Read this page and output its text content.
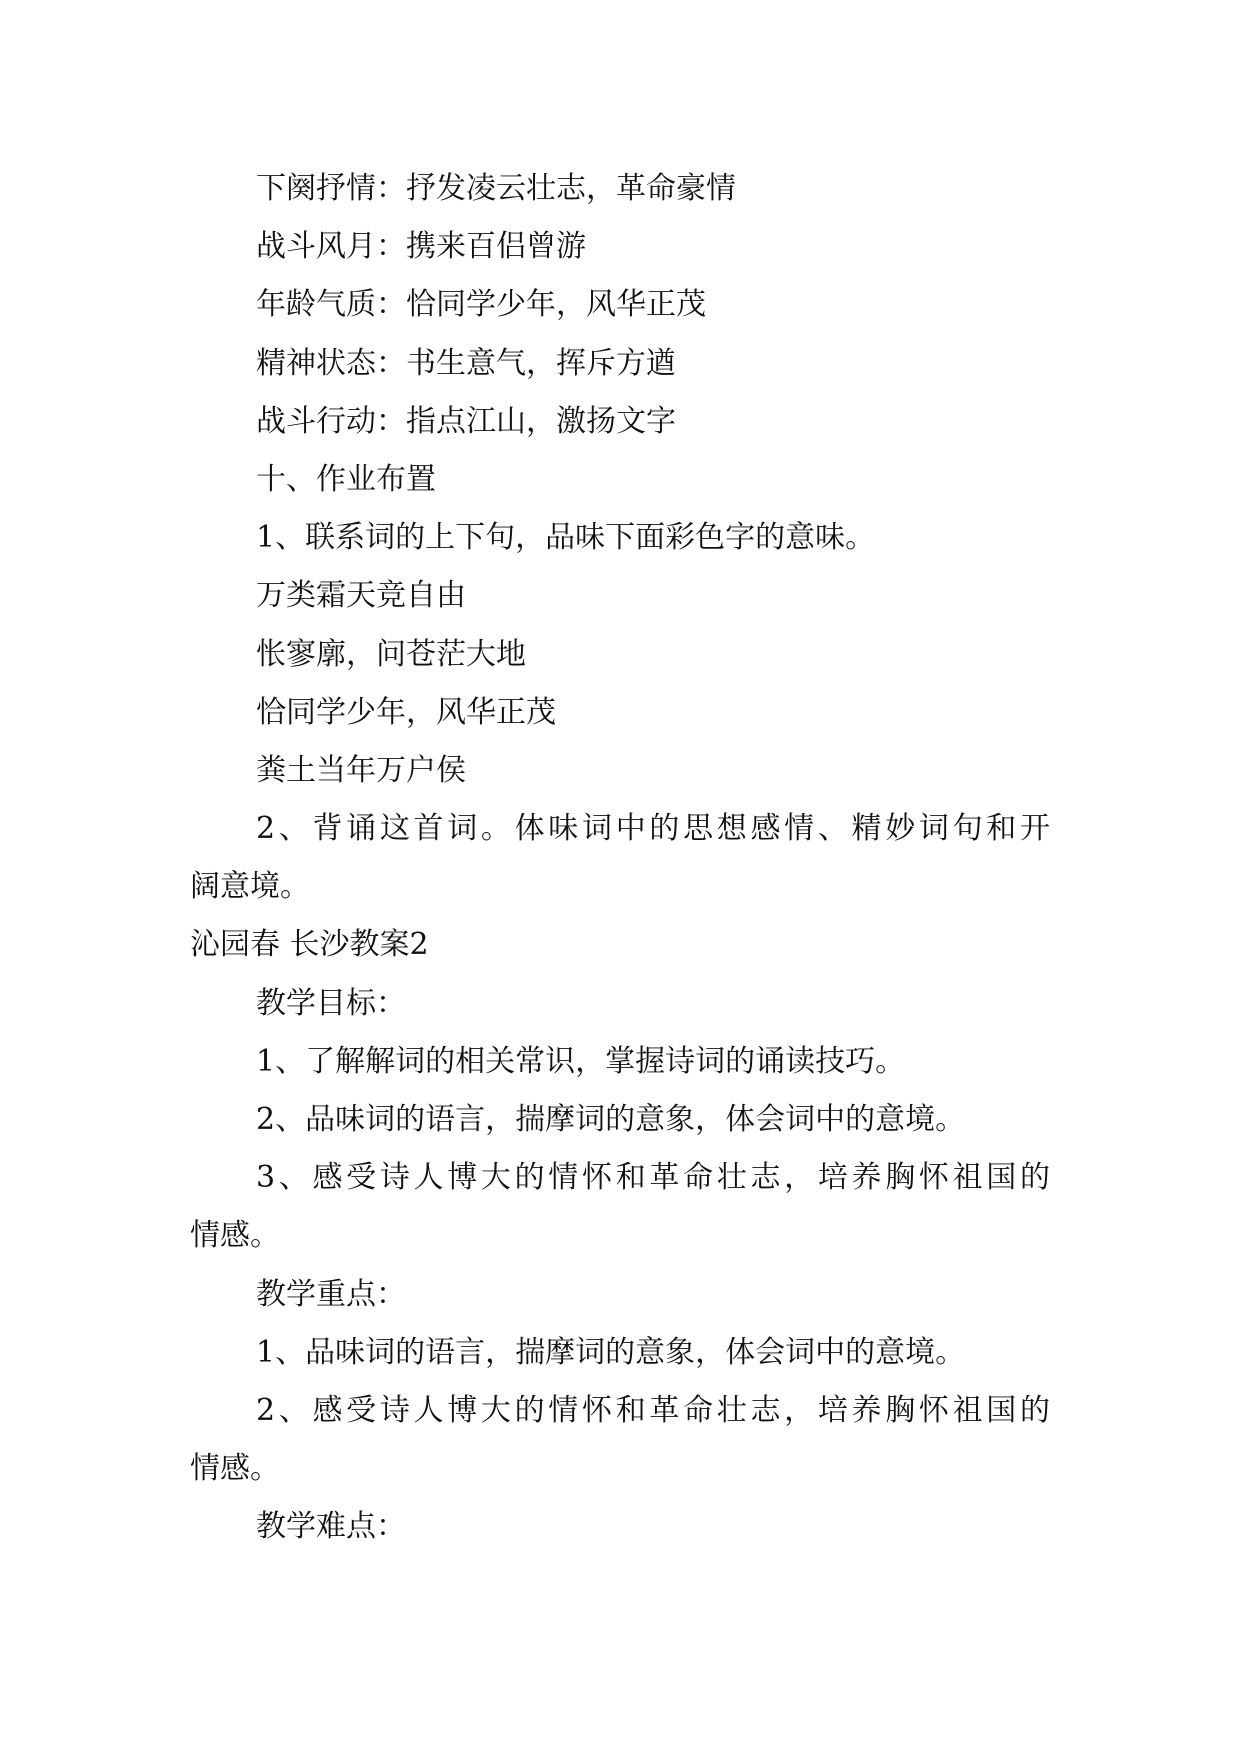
下阕抒情：抒发凌云壮志，革命豪情
战斗风月：携来百侣曾游
年龄气质：恰同学少年，风华正茂
精神状态：书生意气，挥斥方遒
战斗行动：指点江山，激扬文字
十、作业布置
1、联系词的上下句，品味下面彩色字的意味。
万类霜天竞自由
怅寥廓，问苍茫大地
恰同学少年，风华正茂
粪土当年万户侯
2、背诵这首词。体味词中的思想感情、精妙词句和开
阔意境。
沁园春 长沙教案2
教学目标：
1、了解解词的相关常识，掌握诗词的诵读技巧。
2、品味词的语言，揣摩词的意象，体会词中的意境。
3、感受诗人博大的情怀和革命壮志，培养胸怀祖国的
情感。
教学重点：
1、品味词的语言，揣摩词的意象，体会词中的意境。
2、感受诗人博大的情怀和革命壮志，培养胸怀祖国的
情感。
教学难点：
